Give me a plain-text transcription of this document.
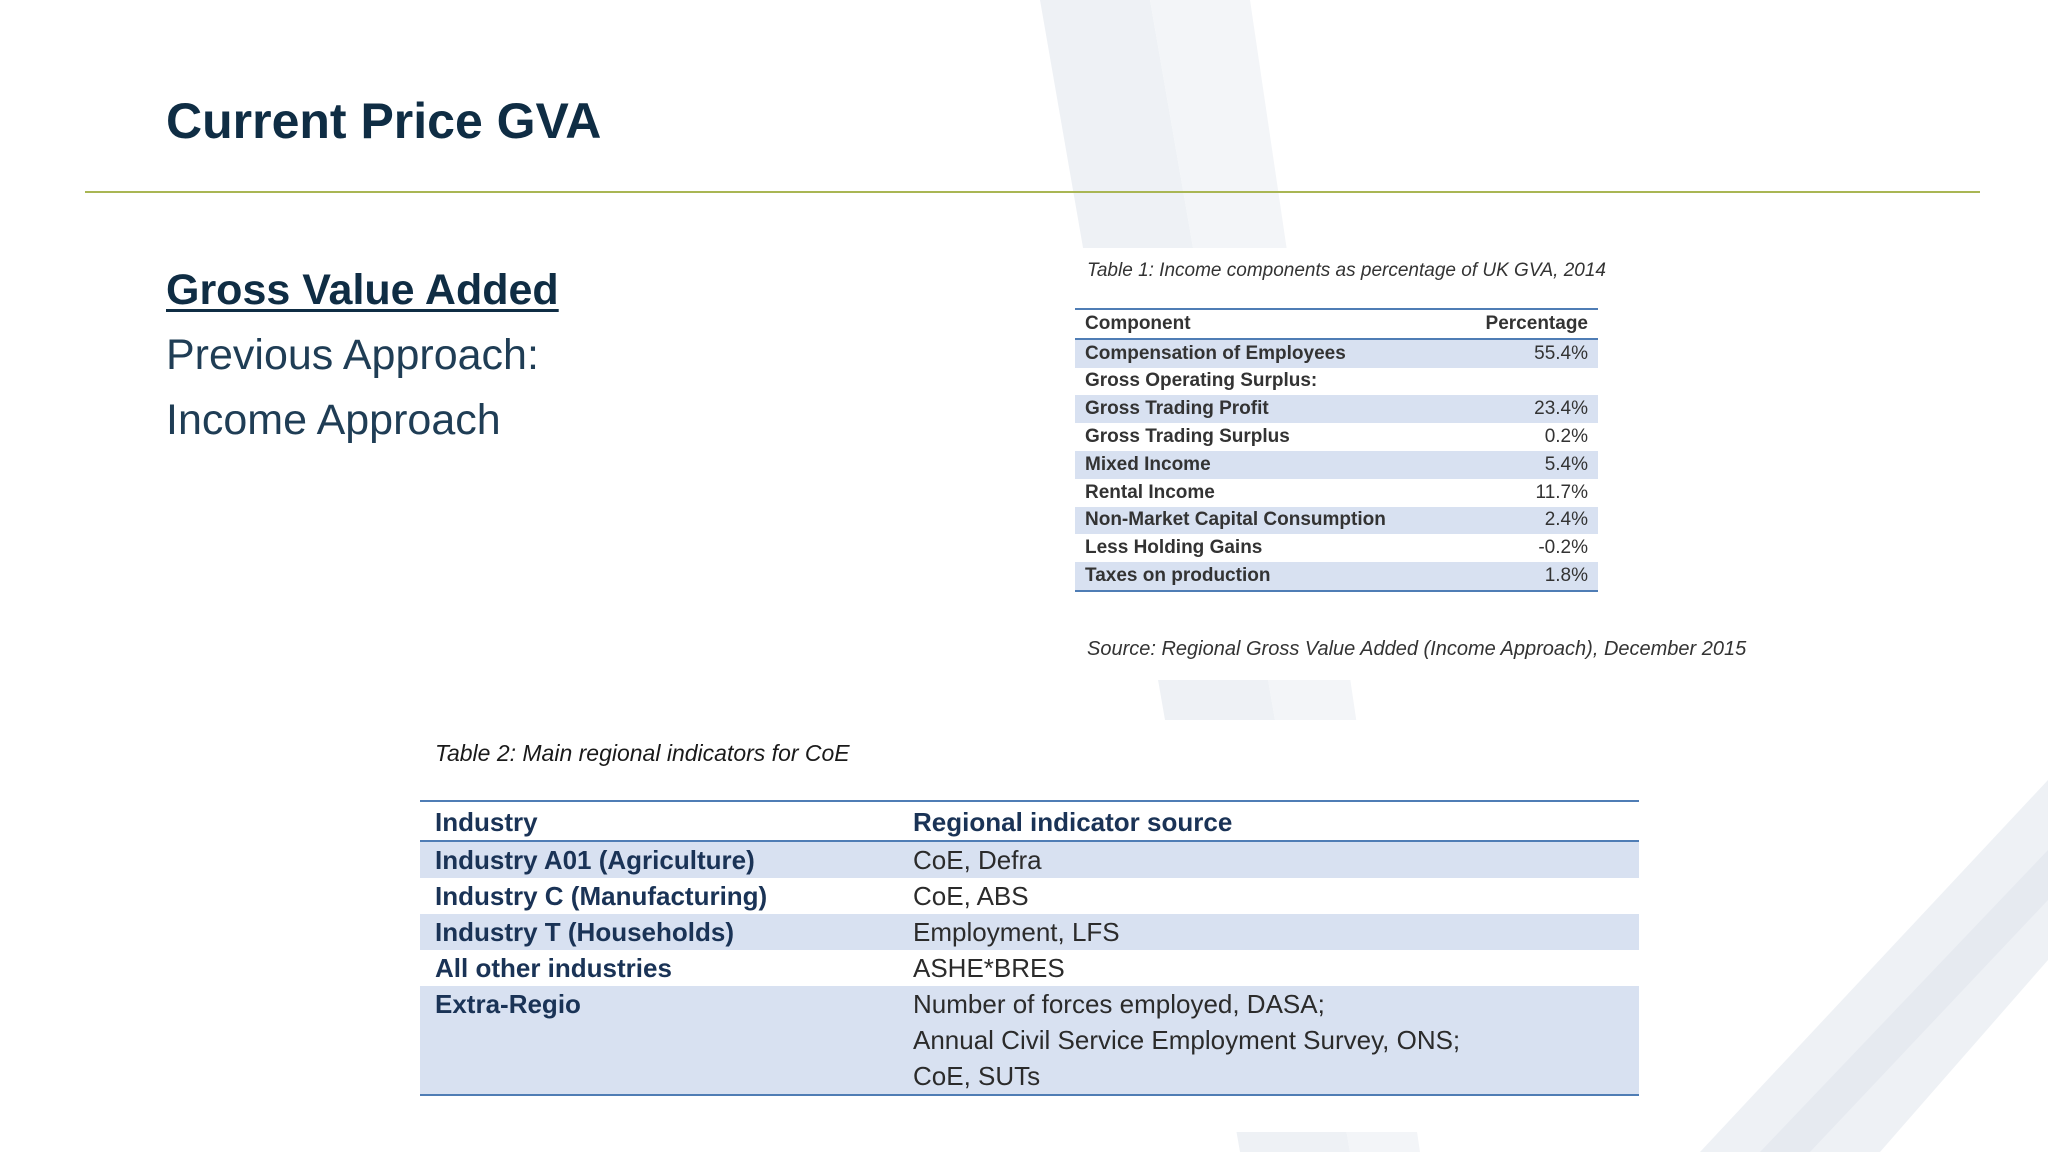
Current Price GVA
Gross Value Added
Previous Approach:
Income Approach
Table 1: Income components as percentage of UK GVA, 2014
Component	Percentage
Compensation of Employees	55.4%
Gross Operating Surplus:	
Gross Trading Profit	23.4%
Gross Trading Surplus	0.2%
Mixed Income	5.4%
Rental Income	11.7%
Non-Market Capital Consumption	2.4%
Less Holding Gains	-0.2%
Taxes on production	1.8%
Source: Regional Gross Value Added (Income Approach), December 2015
Table 2: Main regional indicators for CoE
Industry	Regional indicator source
Industry A01 (Agriculture)	CoE, Defra

Industry C (Manufacturing)	CoE, ABS

Industry T (Households)	Employment, LFS

All other industries	ASHE*BRES

Extra-Regio	Number of forces employed, DASA;
Annual Civil Service Employment Survey, ONS;
CoE, SUTs
